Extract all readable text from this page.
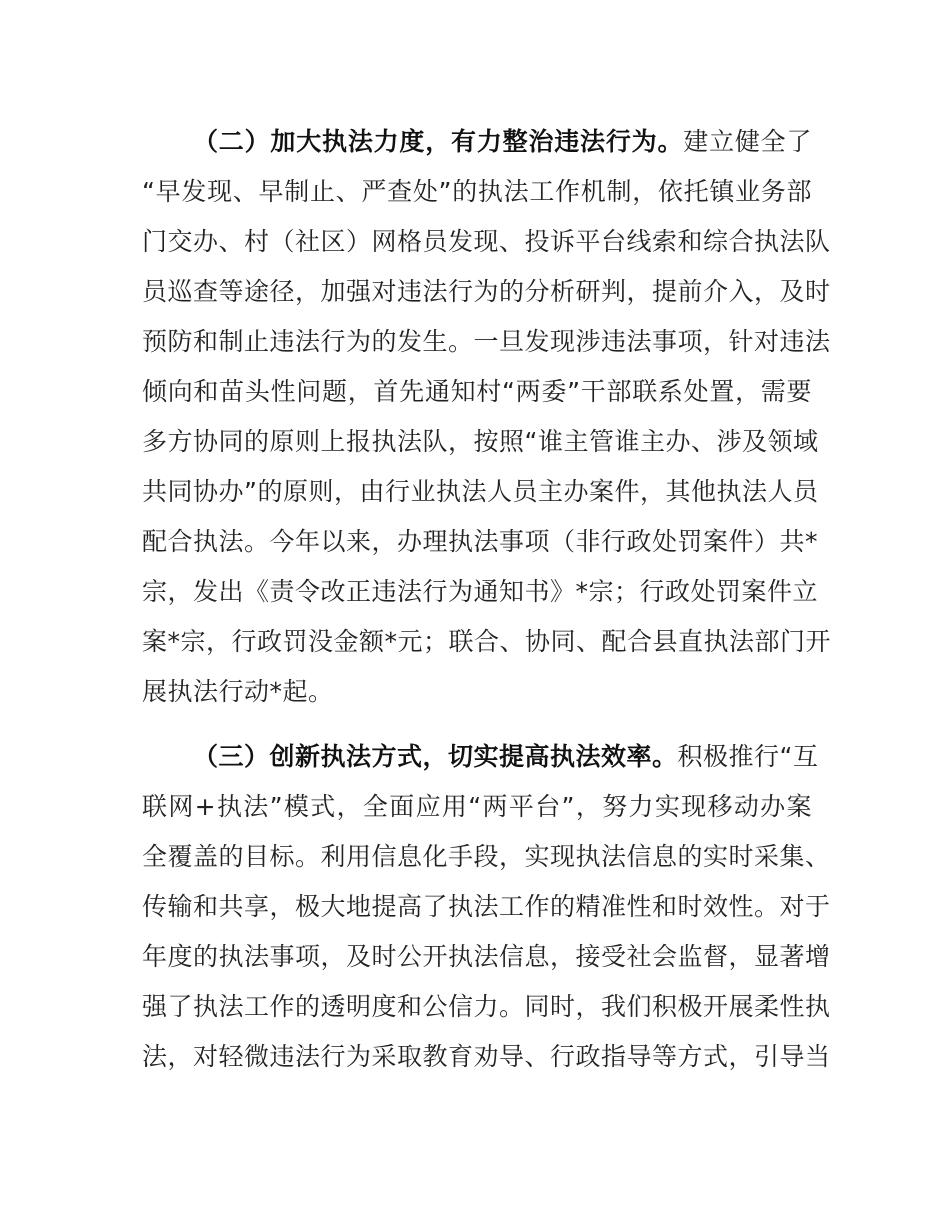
（二）加大执法力度，有力整治违法行为。建立健全了
“早发现、早制止、严查处”的执法工作机制，依托镇业务部
门交办、村（社区）网格员发现、投诉平台线索和综合执法队
员巡查等途径，加强对违法行为的分析研判，提前介入，及时
预防和制止违法行为的发生。一旦发现涉违法事项，针对违法
倾向和苗头性问题，首先通知村“两委”干部联系处置，需要
多方协同的原则上报执法队，按照“谁主管谁主办、涉及领域
共同协办”的原则，由行业执法人员主办案件，其他执法人员
配合执法。今年以来，办理执法事项（非行政处罚案件）共*
宗，发出《责令改正违法行为通知书》*宗；行政处罚案件立
案*宗，行政罚没金额*元；联合、协同、配合县直执法部门开
展执法行动*起。
（三）创新执法方式，切实提高执法效率。积极推行“互
联网+执法”模式，全面应用“两平台”，努力实现移动办案
全覆盖的目标。利用信息化手段，实现执法信息的实时采集、
传输和共享，极大地提高了执法工作的精准性和时效性。对于
年度的执法事项，及时公开执法信息，接受社会监督，显著增
强了执法工作的透明度和公信力。同时，我们积极开展柔性执
法，对轻微违法行为采取教育劝导、行政指导等方式，引导当
